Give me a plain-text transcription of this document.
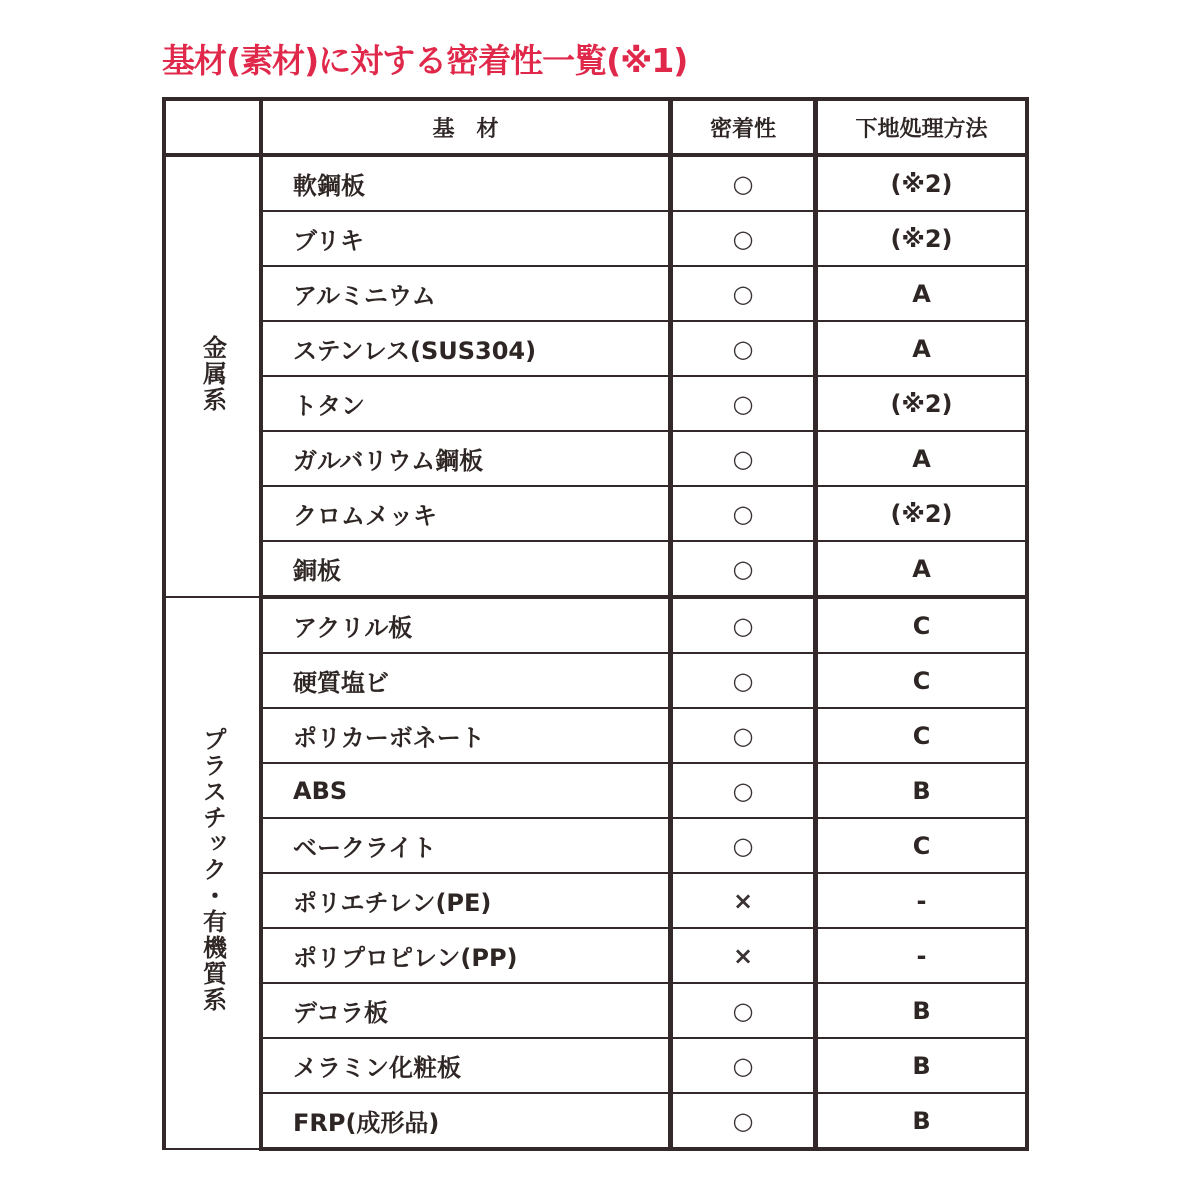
基材(素材)に対する密着性一覧(※1)
	基　材	密着性	下地処理方法
金属系	軟鋼板	○	(※2)
	ブリキ	○	(※2)
	アルミニウム	○	A
	ステンレス(SUS304)	○	A
	トタン	○	(※2)
	ガルバリウム鋼板	○	A
	クロムメッキ	○	(※2)
	銅板	○	A
プラスチック・有機質系	アクリル板	○	C
	硬質塩ビ	○	C
	ポリカーボネート	○	C
	ABS	○	B
	ベークライト	○	C
	ポリエチレン(PE)	×	-
	ポリプロピレン(PP)	×	-
	デコラ板	○	B
	メラミン化粧板	○	B
	FRP(成形品)	○	B
